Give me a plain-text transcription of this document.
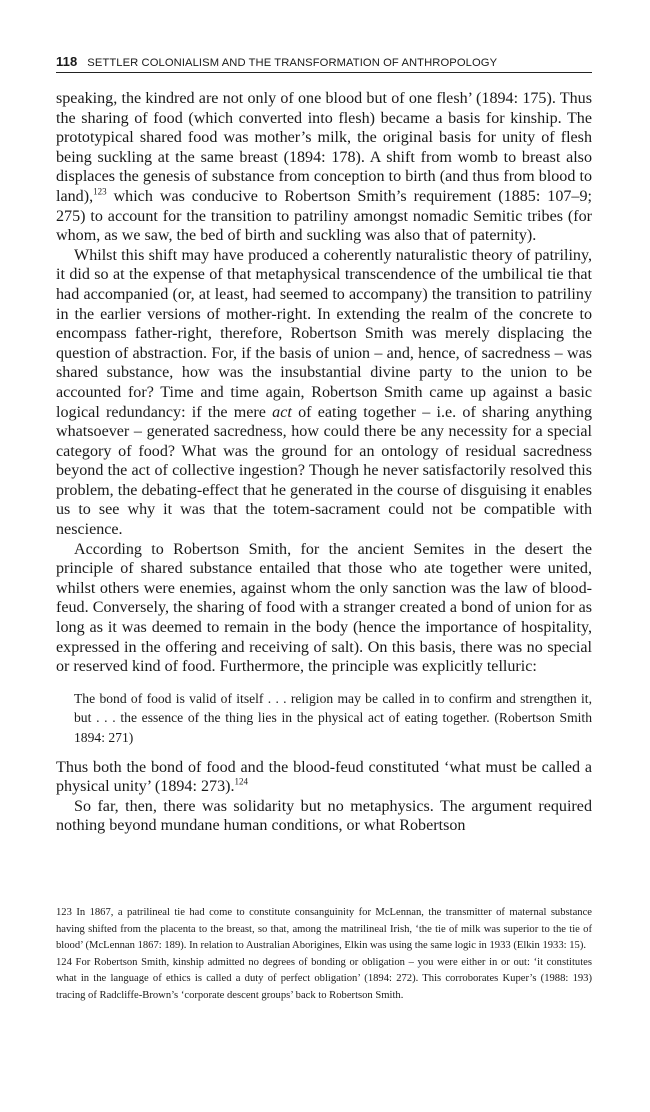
118 SETTLER COLONIALISM AND THE TRANSFORMATION OF ANTHROPOLOGY

speaking, the kindred are not only of one blood but of one flesh’ (1894: 175). Thus the sharing of food (which converted into flesh) became a basis for kinship. The prototypical shared food was mother’s milk, the original basis for unity of flesh being suckling at the same breast (1894: 178). A shift from womb to breast also displaces the genesis of substance from conception to birth (and thus from blood to land),$^{123}$ which was conducive to Robertson Smith’s requirement (1885: 107–9; 275) to account for the transition to patriliny amongst nomadic Semitic tribes (for whom, as we saw, the bed of birth and suckling was also that of paternity).

Whilst this shift may have produced a coherently naturalistic theory of patriliny, it did so at the expense of that metaphysical transcendence of the umbilical tie that had accompanied (or, at least, had seemed to accompany) the transition to patriliny in the earlier versions of mother-right. In extending the realm of the concrete to encompass father-right, therefore, Robertson Smith was merely displacing the question of abstraction. For, if the basis of union – and, hence, of sacredness – was shared substance, how was the insubstantial divine party to the union to be accounted for? Time and time again, Robertson Smith came up against a basic logical redundancy: if the mere act of eating together – i.e. of sharing anything whatsoever – generated sacredness, how could there be any necessity for a special category of food? What was the ground for an ontology of residual sacredness beyond the act of collective ingestion? Though he never satisfactorily resolved this problem, the debating-effect that he generated in the course of disguising it enables us to see why it was that the totem-sacrament could not be compatible with nescience.

According to Robertson Smith, for the ancient Semites in the desert the principle of shared substance entailed that those who ate together were united, whilst others were enemies, against whom the only sanction was the law of blood-feud. Conversely, the sharing of food with a stranger created a bond of union for as long as it was deemed to remain in the body (hence the importance of hospitality, expressed in the offering and receiving of salt). On this basis, there was no special or reserved kind of food. Furthermore, the principle was explicitly telluric:

The bond of food is valid of itself . . . religion may be called in to confirm and strengthen it, but . . . the essence of the thing lies in the physical act of eating together. (Robertson Smith 1894: 271)

Thus both the bond of food and the blood-feud constituted ‘what must be called a physical unity’ (1894: 273).$^{124}$

So far, then, there was solidarity but no metaphysics. The argument required nothing beyond mundane human conditions, or what Robertson

123 In 1867, a patrilineal tie had come to constitute consanguinity for McLennan, the transmitter of maternal substance having shifted from the placenta to the breast, so that, among the matrilineal Irish, ‘the tie of milk was superior to the tie of blood’ (McLennan 1867: 189). In relation to Australian Aborigines, Elkin was using the same logic in 1933 (Elkin 1933: 15).

124 For Robertson Smith, kinship admitted no degrees of bonding or obligation – you were either in or out: ‘it constitutes what in the language of ethics is called a duty of perfect obligation’ (1894: 272). This corroborates Kuper’s (1988: 193) tracing of Radcliffe-Brown’s ‘corporate descent groups’ back to Robertson Smith.
